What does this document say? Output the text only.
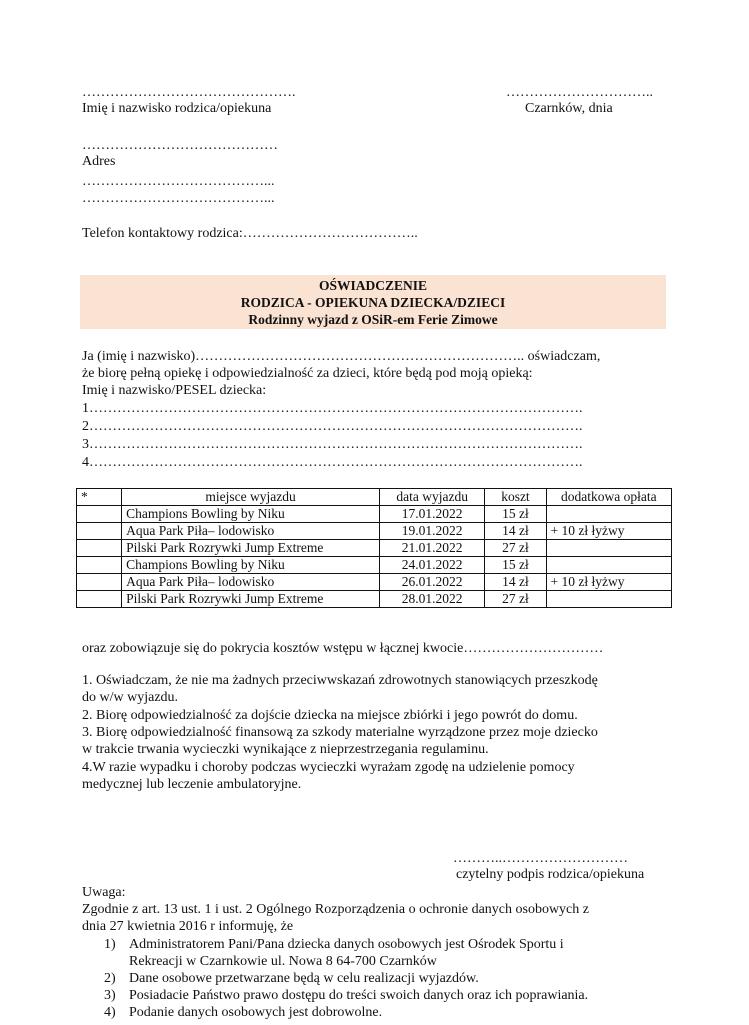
……………………………………….
Imię i nazwisko rodzica/opiekuna
…………………………..
Czarnków, dnia
……………………………………
Adres
…………………………………...
…………………………………...
Telefon kontaktowy rodzica:………………………………..
OŚWIADCZENIE
RODZICA - OPIEKUNA DZIECKA/DZIECI
Rodzinny wyjazd z OSiR-em Ferie Zimowe
Ja (imię i nazwisko)…………………………………………………………….. oświadczam,
że biorę pełną opiekę i odpowiedzialność za dzieci, które będą pod moją opieką:
Imię i nazwisko/PESEL dziecka:
1…………………………………………………………………………………………….
2…………………………………………………………………………………………….
3…………………………………………………………………………………………….
4…………………………………………………………………………………………….
*	miejsce wyjazdu	data wyjazdu	koszt	dodatkowa opłata
	Champions Bowling by Niku	17.01.2022	15 zł	
	Aqua Park Piła– lodowisko	19.01.2022	14 zł	+ 10 zł łyżwy
	Pilski Park Rozrywki Jump Extreme	21.01.2022	27 zł	
	Champions Bowling by Niku	24.01.2022	15 zł	
	Aqua Park Piła– lodowisko	26.01.2022	14 zł	+ 10 zł łyżwy
	Pilski Park Rozrywki Jump Extreme	28.01.2022	27 zł	
oraz zobowiązuje się do pokrycia kosztów wstępu w łącznej kwocie…………………………
1. Oświadczam, że nie ma żadnych przeciwwskazań zdrowotnych stanowiących przeszkodę
do w/w wyjazdu.
2. Biorę odpowiedzialność za dojście dziecka na miejsce zbiórki i jego powrót do domu.
3. Biorę odpowiedzialność finansową za szkody materialne wyrządzone przez moje dziecko
w trakcie trwania wycieczki wynikające z nieprzestrzegania regulaminu.
4.W razie wypadku i choroby podczas wycieczki wyrażam zgodę na udzielenie pomocy
medycznej lub leczenie ambulatoryjne.
………..………………………
czytelny podpis rodzica/opiekuna
Uwaga:
Zgodnie z art. 13 ust. 1 i ust. 2 Ogólnego Rozporządzenia o ochronie danych osobowych z
dnia 27 kwietnia 2016 r informuję, że
1) Administratorem Pani/Pana dziecka danych osobowych jest Ośrodek Sportu i
Rekreacji w Czarnkowie ul. Nowa 8 64-700 Czarnków
2) Dane osobowe przetwarzane będą w celu realizacji wyjazdów.
3) Posiadacie Państwo prawo dostępu do treści swoich danych oraz ich poprawiania.
4) Podanie danych osobowych jest dobrowolne.
